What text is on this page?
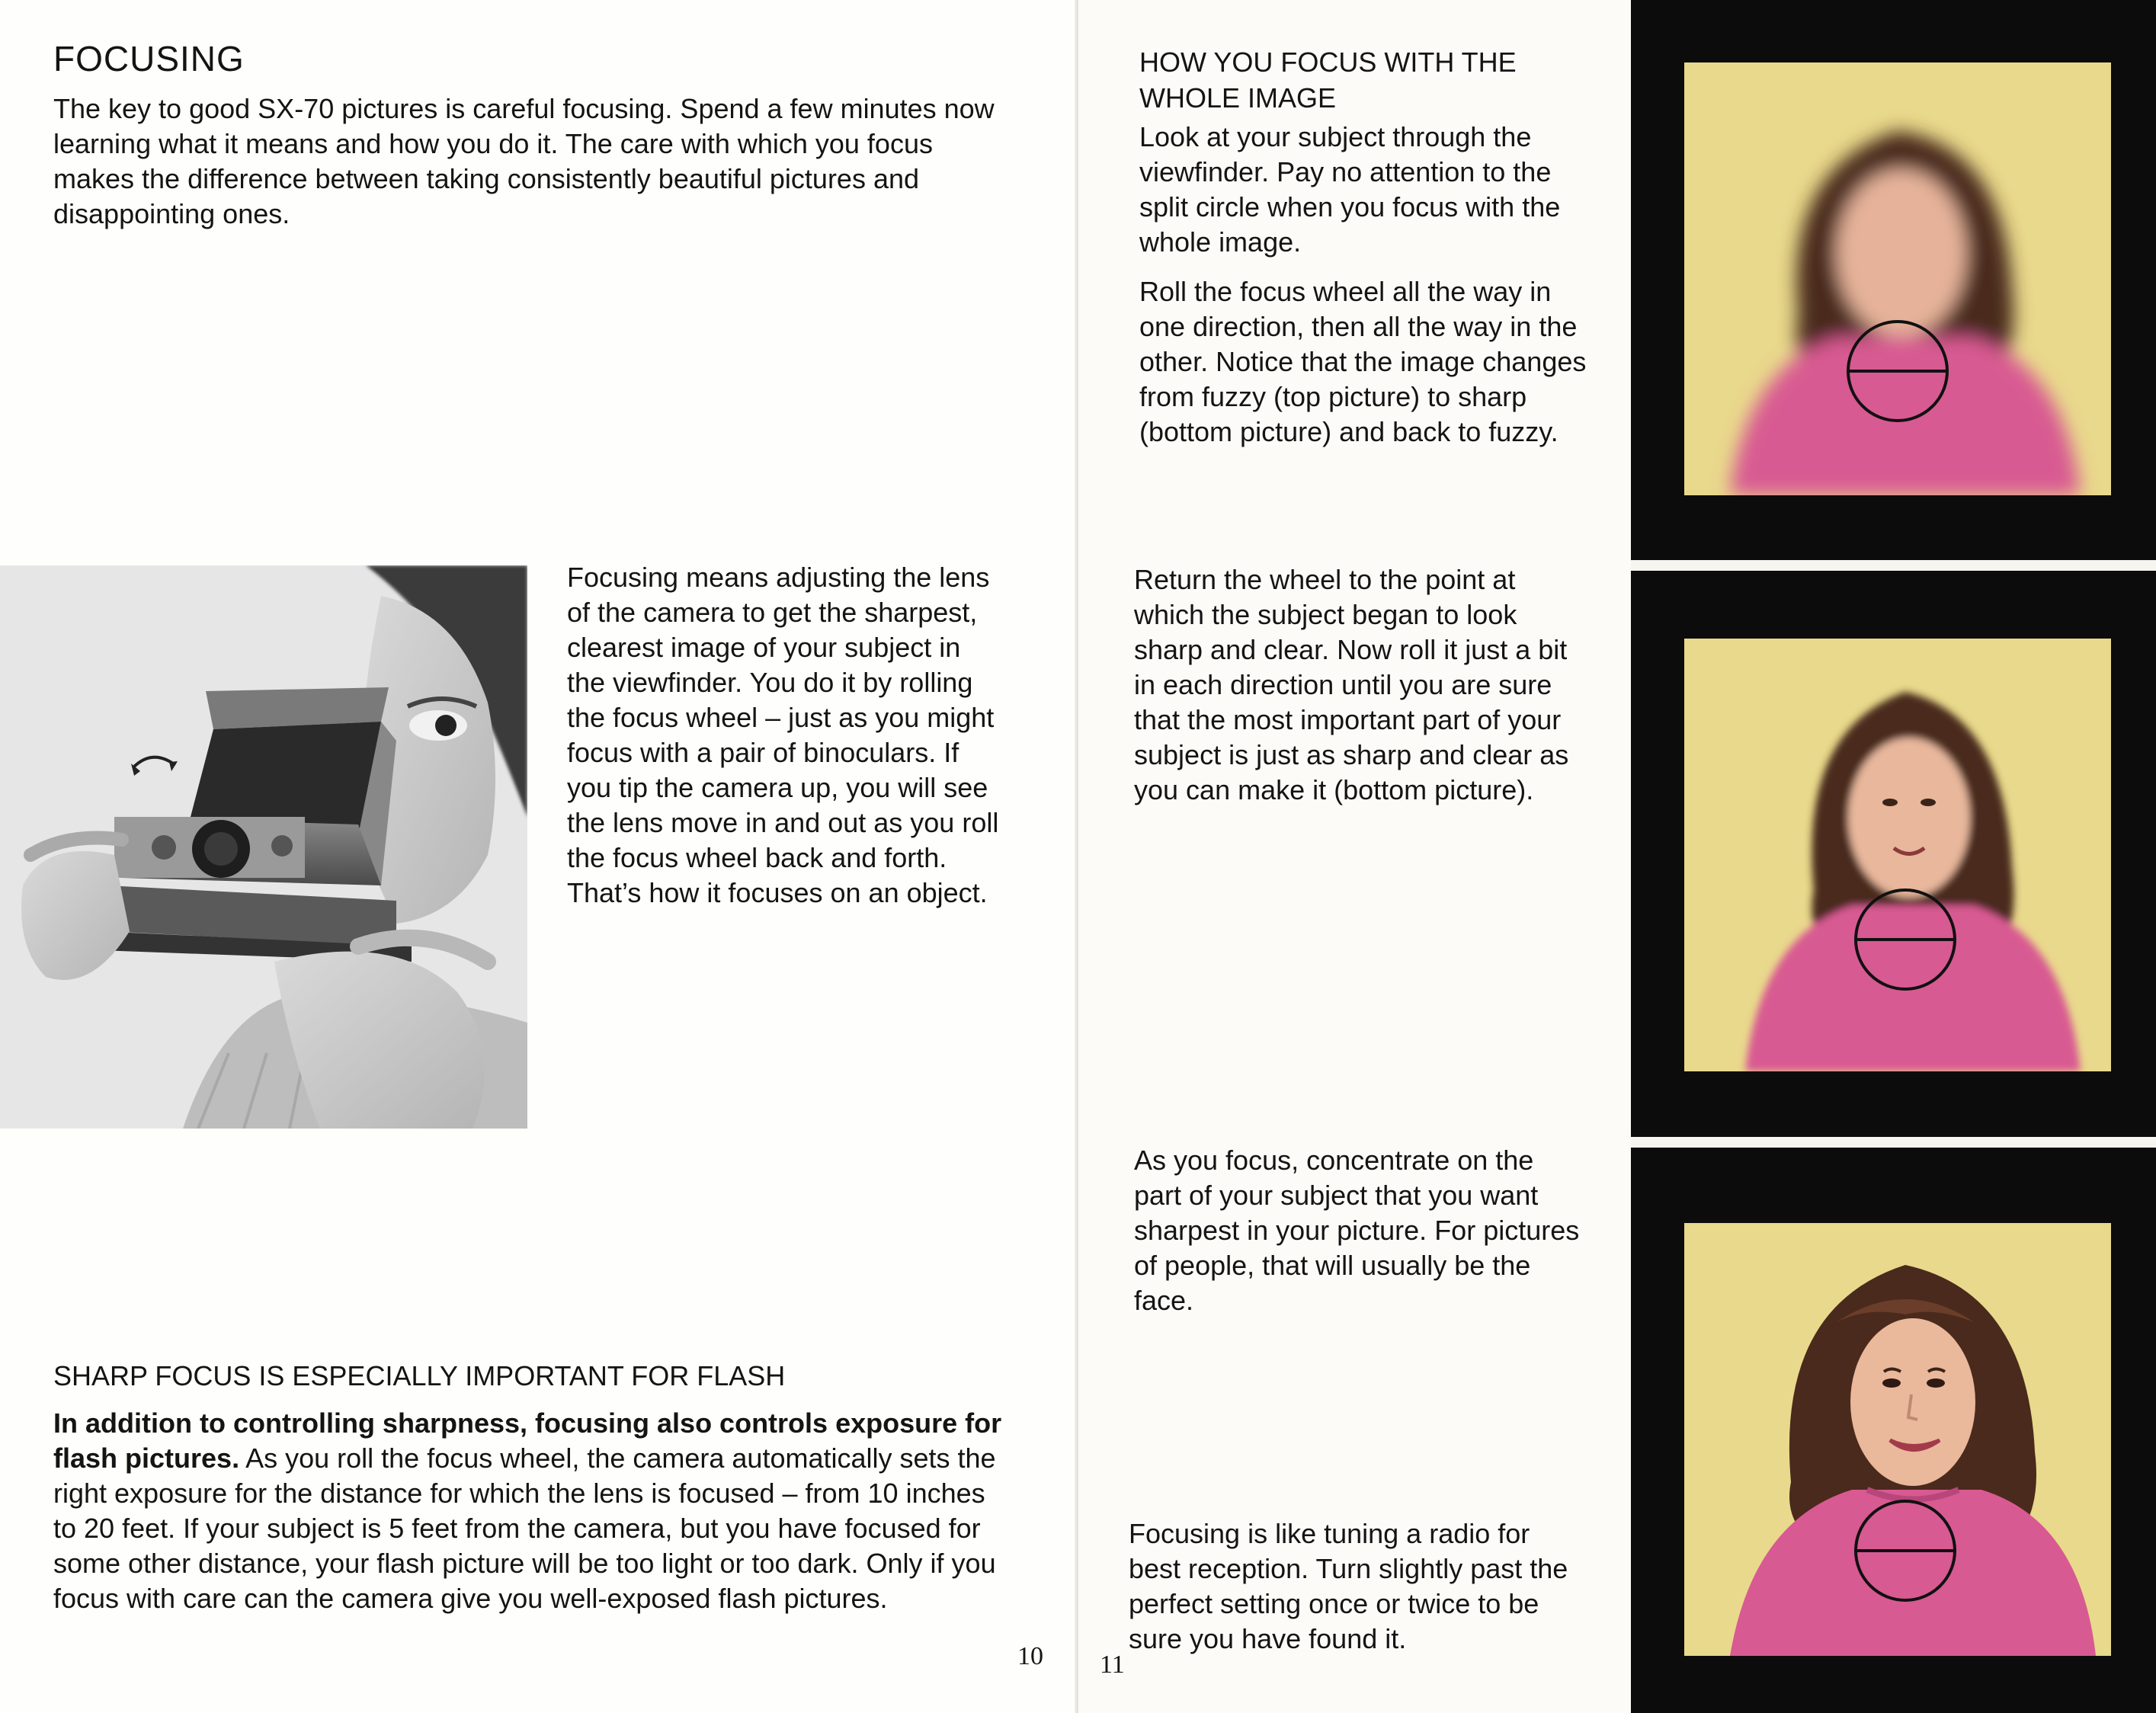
FOCUSING

The key to good SX-70 pictures is careful focusing. Spend a few minutes now learning what it means and how you do it. The care with which you focus makes the difference between taking consistently beautiful pictures and disappointing ones.

Focusing means adjusting the lens of the camera to get the sharpest, clearest image of your subject in the viewfinder. You do it by rolling the focus wheel – just as you might focus with a pair of binoculars. If you tip the camera up, you will see the lens move in and out as you roll the focus wheel back and forth. That’s how it focuses on an object.

SHARP FOCUS IS ESPECIALLY IMPORTANT FOR FLASH

In addition to controlling sharpness, focusing also controls exposure for flash pictures. As you roll the focus wheel, the camera automatically sets the right exposure for the distance for which the lens is focused – from 10 inches to 20 feet. If your subject is 5 feet from the camera, but you have focused for some other distance, your flash picture will be too light or too dark. Only if you focus with care can the camera give you well-exposed flash pictures.

10
HOW YOU FOCUS WITH THE WHOLE IMAGE

Look at your subject through the viewfinder. Pay no attention to the split circle when you focus with the whole image.

Roll the focus wheel all the way in one direction, then all the way in the other. Notice that the image changes from fuzzy (top picture) to sharp (bottom picture) and back to fuzzy.

Return the wheel to the point at which the subject began to look sharp and clear. Now roll it just a bit in each direction until you are sure that the most important part of your subject is just as sharp and clear as you can make it (bottom picture).

As you focus, concentrate on the part of your subject that you want sharpest in your picture. For pictures of people, that will usually be the face.

Focusing is like tuning a radio for best reception. Turn slightly past the perfect setting once or twice to be sure you have found it.

11
